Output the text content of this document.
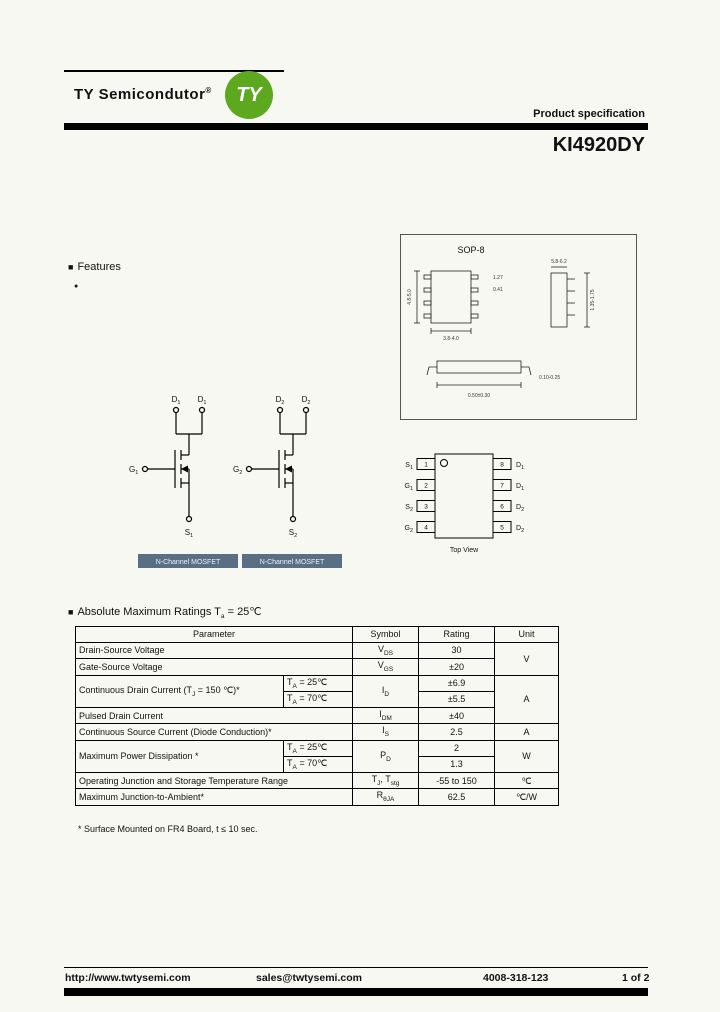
TY Semicondutor® TY
Product specification
KI4920DY
■ Features
●
SOP-8
4.8-5.0
3.8-4.0
1.27
0.41
5.8-6.2
1.35-1.75
0.50±0.30
0.10-0.25
$D_1$ $D_1$
$G_1$
$S_1$
N-Channel MOSFET
$D_2$ $D_2$
$G_2$
$S_2$
N-Channel MOSFET
1
2
3
4
8
7
6
5
$S_1$
$G_1$
$S_2$
$G_2$
$D_1$
$D_1$
$D_2$
$D_2$
Top View
■ Absolute Maximum Ratings $T_a$ = 25℃
Parameter		Symbol	Rating	Unit
Drain-Source Voltage		$V_{DS}$	30	V
Gate-Source Voltage		$V_{GS}$	±20	
Continuous Drain Current ($T_J = 150$ ℃)*	$T_A$ = 25℃	$I_D$	±6.9	A
	$T_A$ = 70℃		±5.5	
Pulsed Drain Current		$I_{DM}$	±40	
Continuous Source Current (Diode Conduction)*		$I_S$	2.5	A
Maximum Power Dissipation *	$T_A$ = 25℃	$P_D$	2	W
	$T_A$ = 70℃		1.3	
Operating Junction and Storage Temperature Range		$T_J$, $T_{stg}$	-55 to 150	℃
Maximum Junction-to-Ambient*		$R_{\theta JA}$	62.5	℃/W
* Surface Mounted on FR4 Board, t ≤ 10 sec.
http://www.twtysemi.com	sales@twtysemi.com	4008-318-123	1 of 2
